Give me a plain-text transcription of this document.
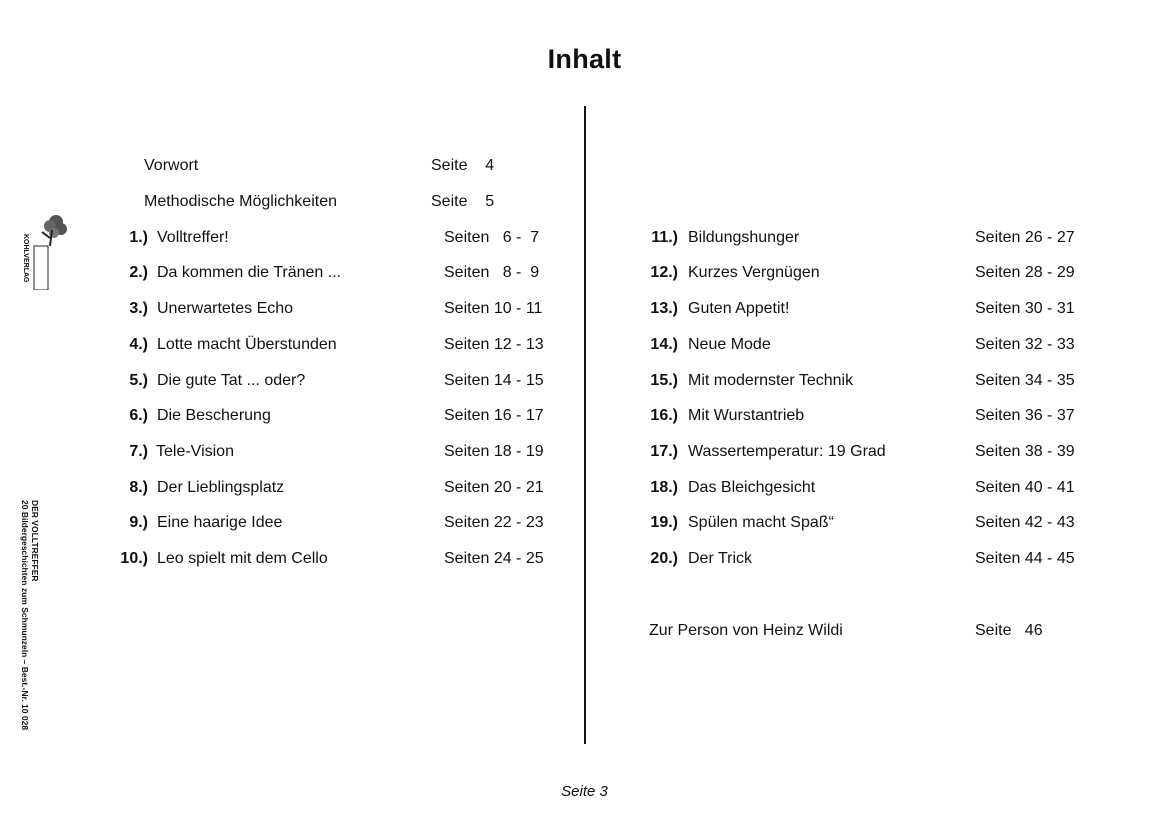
Inhalt
KOHLVERLAG
DER VOLLTREFFER
20 Bildergeschichten zum Schmunzeln – Best.-Nr. 10 028
Vorwort	Seite    4
Methodische Möglichkeiten	Seite    5
1.) Volltreffer!	Seiten   6 -  7
2.) Da kommen die Tränen ...	Seiten   8 -  9
3.) Unerwartetes Echo	Seiten 10 - 11
4.) Lotte macht Überstunden	Seiten 12 - 13
5.) Die gute Tat ... oder?	Seiten 14 - 15
6.) Die Bescherung	Seiten 16 - 17
7.) Tele-Vision	Seiten 18 - 19
8.) Der Lieblingsplatz	Seiten 20 - 21
9.) Eine haarige Idee	Seiten 22 - 23
10.) Leo spielt mit dem Cello	Seiten 24 - 25
11.) Bildungshunger	Seiten 26 - 27
12.) Kurzes Vergnügen	Seiten 28 - 29
13.) Guten Appetit!	Seiten 30 - 31
14.) Neue Mode	Seiten 32 - 33
15.) Mit modernster Technik	Seiten 34 - 35
16.) Mit Wurstantrieb	Seiten 36 - 37
17.) Wassertemperatur: 19 Grad	Seiten 38 - 39
18.) Das Bleichgesicht	Seiten 40 - 41
19.) Spülen macht Spaß“	Seiten 42 - 43
20.) Der Trick	Seiten 44 - 45
Zur Person von Heinz Wildi	Seite   46
Seite 3
